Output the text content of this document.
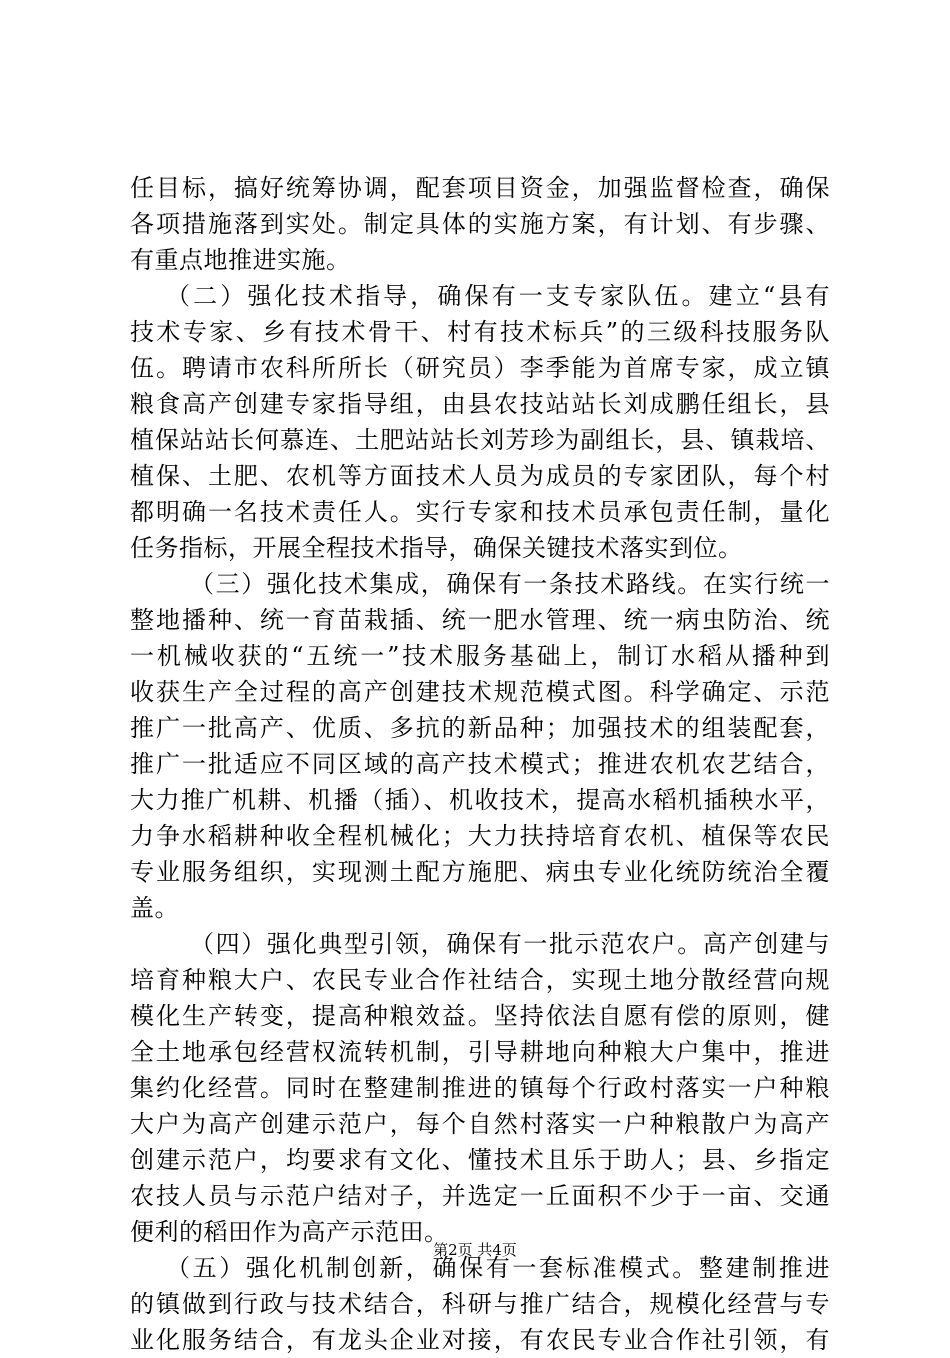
任目标，搞好统筹协调，配套项目资金，加强监督检查，确保
各项措施落到实处。制定具体的实施方案，有计划、有步骤、
有重点地推进实施。
（二）强化技术指导，确保有一支专家队伍。建立“县有
技术专家、乡有技术骨干、村有技术标兵”的三级科技服务队
伍。聘请市农科所所长（研究员）李季能为首席专家，成立镇
粮食高产创建专家指导组，由县农技站站长刘成鹏任组长，县
植保站站长何慕连、土肥站站长刘芳珍为副组长，县、镇栽培、
植保、土肥、农机等方面技术人员为成员的专家团队，每个村
都明确一名技术责任人。实行专家和技术员承包责任制，量化
任务指标，开展全程技术指导，确保关键技术落实到位。
（三）强化技术集成，确保有一条技术路线。在实行统一
整地播种、统一育苗栽插、统一肥水管理、统一病虫防治、统
一机械收获的“五统一”技术服务基础上，制订水稻从播种到
收获生产全过程的高产创建技术规范模式图。科学确定、示范
推广一批高产、优质、多抗的新品种；加强技术的组装配套，
推广一批适应不同区域的高产技术模式；推进农机农艺结合，
大力推广机耕、机播（插）、机收技术，提高水稻机插秧水平，
力争水稻耕种收全程机械化；大力扶持培育农机、植保等农民
专业服务组织，实现测土配方施肥、病虫专业化统防统治全覆
盖。
（四）强化典型引领，确保有一批示范农户。高产创建与
培育种粮大户、农民专业合作社结合，实现土地分散经营向规
模化生产转变，提高种粮效益。坚持依法自愿有偿的原则，健
全土地承包经营权流转机制，引导耕地向种粮大户集中，推进
集约化经营。同时在整建制推进的镇每个行政村落实一户种粮
大户为高产创建示范户，每个自然村落实一户种粮散户为高产
创建示范户，均要求有文化、懂技术且乐于助人；县、乡指定
农技人员与示范户结对子，并选定一丘面积不少于一亩、交通
便利的稻田作为高产示范田。
（五）强化机制创新，确保有一套标准模式。整建制推进
的镇做到行政与技术结合，科研与推广结合，规模化经营与专
业化服务结合，有龙头企业对接，有农民专业合作社引领，有
第2页 共4页
